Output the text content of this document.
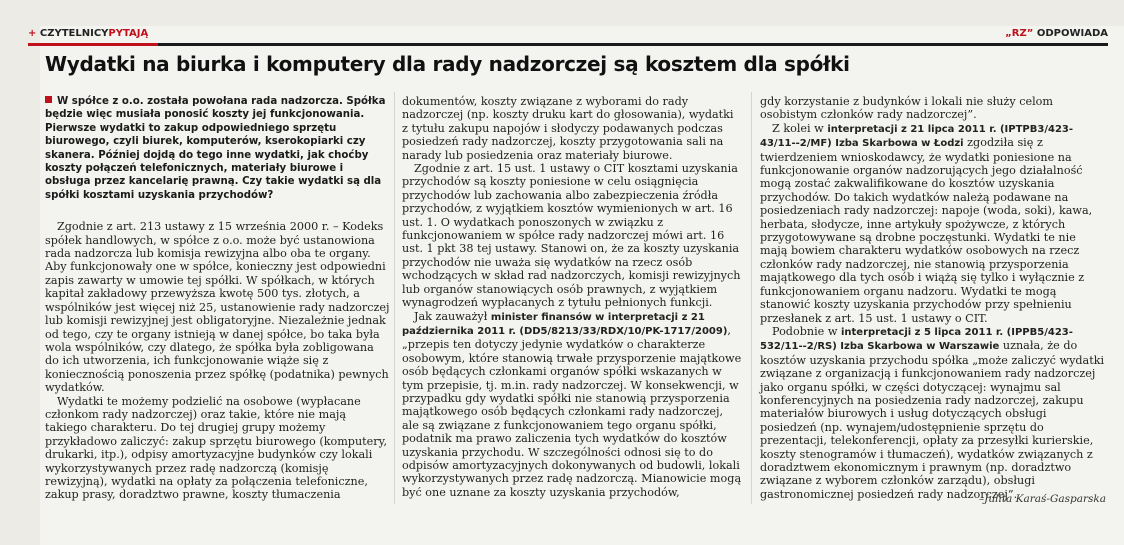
+ CZYTELNICYPYTAJĄ	„RZ” ODPOWIADA
Wydatki na biurka i komputery dla rady nadzorczej są kosztem dla spółki
W spółce z o.o. została powołana rada nadzorcza. Spółka będzie więc musiała ponosić koszty jej funkcjonowania. Pierwsze wydatki to zakup odpowiedniego sprzętu biurowego, czyli biurek, komputerów, kserokopiarki czy skanera. Później dojdą do tego inne wydatki, jak choćby koszty połączeń telefonicznych, materiały biurowe i obsługa przez kancelarię prawną. Czy takie wydatki są dla spółki kosztami uzyskania przychodów?

Zgodnie z art. 213 ustawy z 15 września 2000 r. – Kodeks spółek handlowych, w spółce z o.o. może być ustanowiona rada nadzorcza lub komisja rewizyjna albo oba te organy. Aby funkcjonowały one w spółce, konieczny jest odpowiedni zapis zawarty w umowie tej spółki. W spółkach, w których kapitał zakładowy przewyższa kwotę 500 tys. złotych, a wspólników jest więcej niż 25, ustanowienie rady nadzorczej lub komisji rewizyjnej jest obligatoryjne. Niezależnie jednak od tego, czy te organy istnieją w danej spółce, bo taka była wola wspólników, czy dlatego, że spółka była zobligowana do ich utworzenia, ich funkcjonowanie wiąże się z koniecznością ponoszenia przez spółkę (podatnika) pewnych wydatków.

Wydatki te możemy podzielić na osobowe (wypłacane członkom rady nadzorczej) oraz takie, które nie mają takiego charakteru. Do tej drugiej grupy możemy przykładowo zaliczyć: zakup sprzętu biurowego (komputery, drukarki, itp.), odpisy amortyzacyjne budynków czy lokali wykorzystywanych przez radę nadzorczą (komisję rewizyjną), wydatki na opłaty za połączenia telefoniczne, zakup prasy, doradztwo prawne, koszty tłumaczenia

dokumentów, koszty związane z wyborami do rady nadzorczej (np. koszty druku kart do głosowania), wydatki z tytułu zakupu napojów i słodyczy podawanych podczas posiedzeń rady nadzorczej, koszty przygotowania sali na narady lub posiedzenia oraz materiały biurowe.

Zgodnie z art. 15 ust. 1 ustawy o CIT kosztami uzyskania przychodów są koszty poniesione w celu osiągnięcia przychodów lub zachowania albo zabezpieczenia źródła przychodów, z wyjątkiem kosztów wymienionych w art. 16 ust. 1. O wydatkach ponoszonych w związku z funkcjonowaniem w spółce rady nadzorczej mówi art. 16 ust. 1 pkt 38 tej ustawy. Stanowi on, że za koszty uzyskania przychodów nie uważa się wydatków na rzecz osób wchodzących w skład rad nadzorczych, komisji rewizyjnych lub organów stanowiących osób prawnych, z wyjątkiem wynagrodzeń wypłacanych z tytułu pełnionych funkcji.

Jak zauważył minister finansów w interpretacji z 21 października 2011 r. (DD5/8213/33/RDX/10/PK-1717/2009), „przepis ten dotyczy jedynie wydatków o charakterze osobowym, które stanowią trwałe przysporzenie majątkowe osób będących członkami organów spółki wskazanych w tym przepisie, tj. m.in. rady nadzorczej. W konsekwencji, w przypadku gdy wydatki spółki nie stanowią przysporzenia majątkowego osób będących członkami rady nadzorczej, ale są związane z funkcjonowaniem tego organu spółki, podatnik ma prawo zaliczenia tych wydatków do kosztów uzyskania przychodu. W szczególności odnosi się to do odpisów amortyzacyjnych dokonywanych od budowli, lokali wykorzystywanych przez radę nadzorczą. Mianowicie mogą być one uznane za koszty uzyskania przychodów,

gdy korzystanie z budynków i lokali nie służy celom osobistym członków rady nadzorczej”.

Z kolei w interpretacji z 21 lipca 2011 r. (IPTPB3/423-43/11--2/MF) Izba Skarbowa w Łodzi zgodziła się z twierdzeniem wnioskodawcy, że wydatki poniesione na funkcjonowanie organów nadzorujących jego działalność mogą zostać zakwalifikowane do kosztów uzyskania przychodów. Do takich wydatków należą podawane na posiedzeniach rady nadzorczej: napoje (woda, soki), kawa, herbata, słodycze, inne artykuły spożywcze, z których przygotowywane są drobne poczęstunki. Wydatki te nie mają bowiem charakteru wydatków osobowych na rzecz członków rady nadzorczej, nie stanowią przysporzenia majątkowego dla tych osób i wiążą się tylko i wyłącznie z funkcjonowaniem organu nadzoru. Wydatki te mogą stanowić koszty uzyskania przychodów przy spełnieniu przesłanek z art. 15 ust. 1 ustawy o CIT.

Podobnie w interpretacji z 5 lipca 2011 r. (IPPB5/423-532/11--2/RS) Izba Skarbowa w Warszawie uznała, że do kosztów uzyskania przychodu spółka „może zaliczyć wydatki związane z organizacją i funkcjonowaniem rady nadzorczej jako organu spółki, w części dotyczącej: wynajmu sal konferencyjnych na posiedzenia rady nadzorczej, zakupu materiałów biurowych i usług dotyczących obsługi posiedzeń (np. wynajem/udostępnienie sprzętu do prezentacji, telekonferencji, opłaty za przesyłki kurierskie, koszty stenogramów i tłumaczeń), wydatków związanych z doradztwem ekonomicznym i prawnym (np. doradztwo związane z wyborem członków zarządu), obsługi gastronomicznej posiedzeń rady nadzorczej”.

–Julita Karaś-Gasparska
